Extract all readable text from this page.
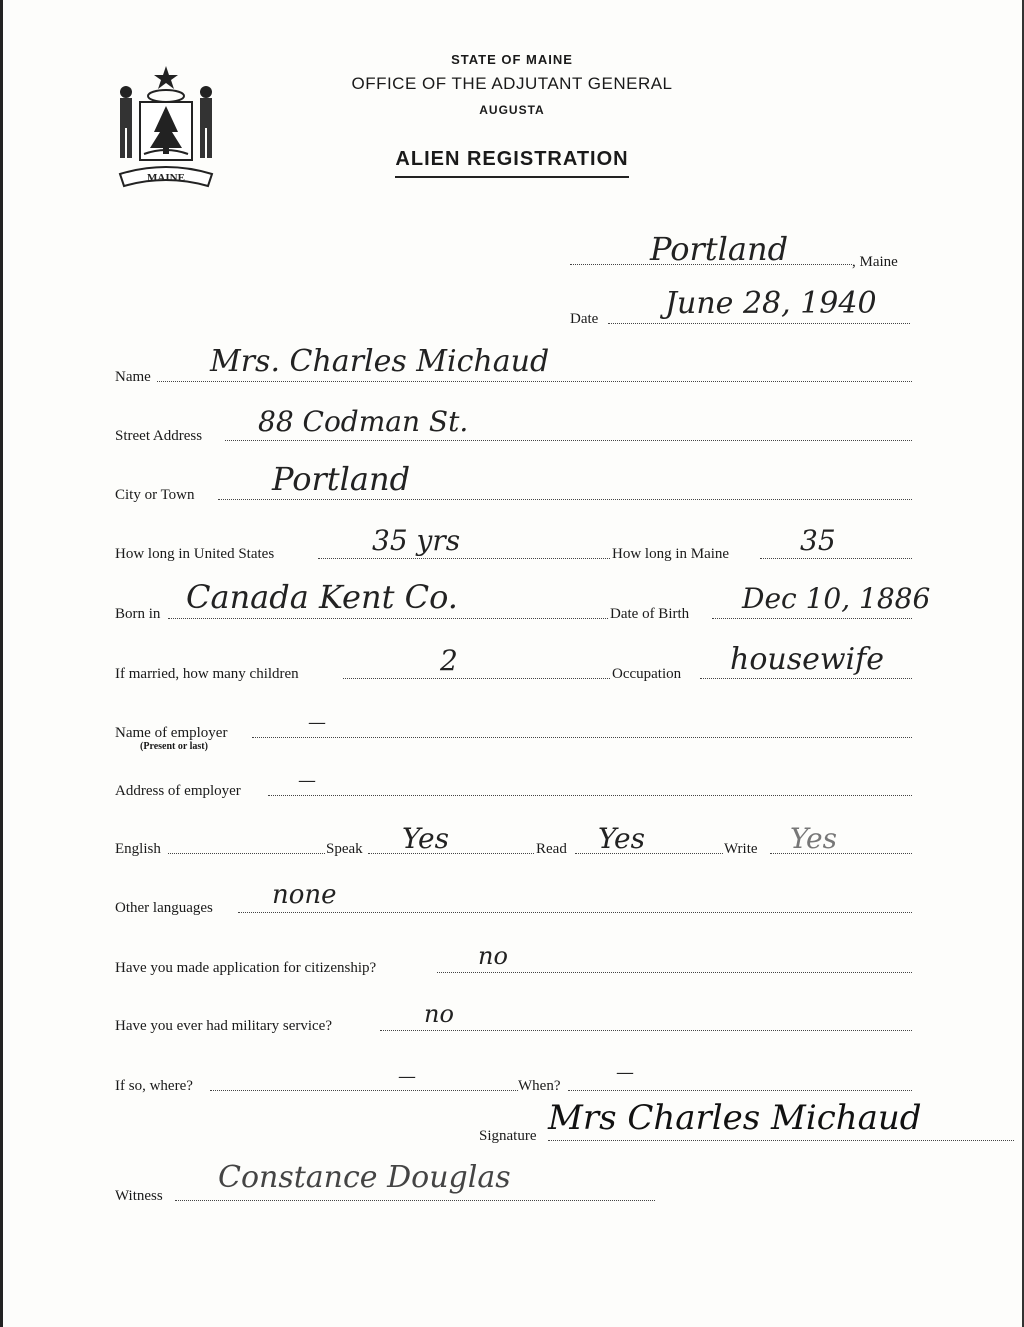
MAINE
STATE OF MAINE
OFFICE OF THE ADJUTANT GENERAL
AUGUSTA
ALIEN REGISTRATION
Portland	, Maine
Date June 28, 1940
Name Mrs. Charles Michaud
Street Address 88 Codman St.
City or Town Portland
How long in United States	35 yrs	How long in Maine	35
Born in Canada Kent Co.	Date of Birth Dec 10, 1886
If married, how many children	2	Occupation housewife
Name of employer
(Present or last)
—
Address of employer	—
English	Speak Yes	Read Yes	Write Yes
Other languages none
Have you made application for citizenship?	no
Have you ever had military service?	no
If so, where?	—	When?
—
Signature Mrs Charles Michaud
Witness
Constance Douglas
